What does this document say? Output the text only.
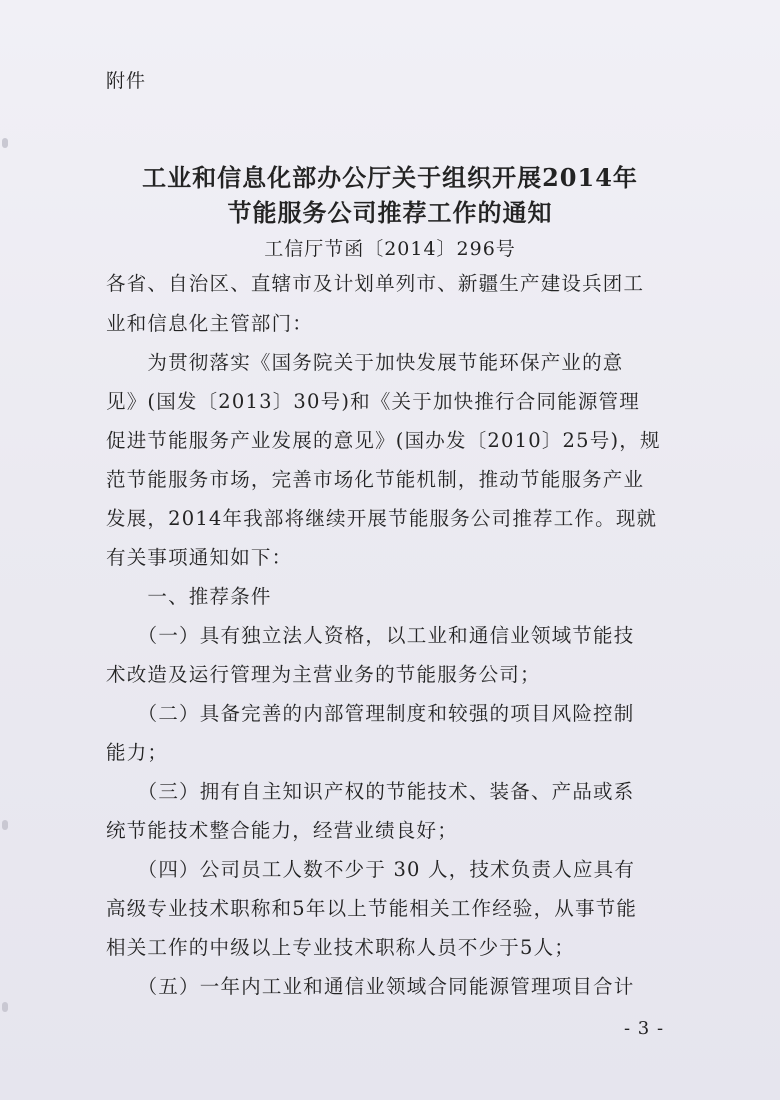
附件
工业和信息化部办公厅关于组织开展2014年
节能服务公司推荐工作的通知
工信厅节函〔2014〕296号
各省、自治区、直辖市及计划单列市、新疆生产建设兵团工
业和信息化主管部门：
　　为贯彻落实《国务院关于加快发展节能环保产业的意
见》(国发〔2013〕30号)和《关于加快推行合同能源管理
促进节能服务产业发展的意见》(国办发〔2010〕25号)，规
范节能服务市场，完善市场化节能机制，推动节能服务产业
发展，2014年我部将继续开展节能服务公司推荐工作。现就
有关事项通知如下：
　　一、推荐条件
　　（一）具有独立法人资格，以工业和通信业领域节能技
术改造及运行管理为主营业务的节能服务公司；
　　（二）具备完善的内部管理制度和较强的项目风险控制
能力；
　　（三）拥有自主知识产权的节能技术、装备、产品或系
统节能技术整合能力，经营业绩良好；
　　（四）公司员工人数不少于 30 人，技术负责人应具有
高级专业技术职称和5年以上节能相关工作经验，从事节能
相关工作的中级以上专业技术职称人员不少于5人；
　　（五）一年内工业和通信业领域合同能源管理项目合计
- 3 -
